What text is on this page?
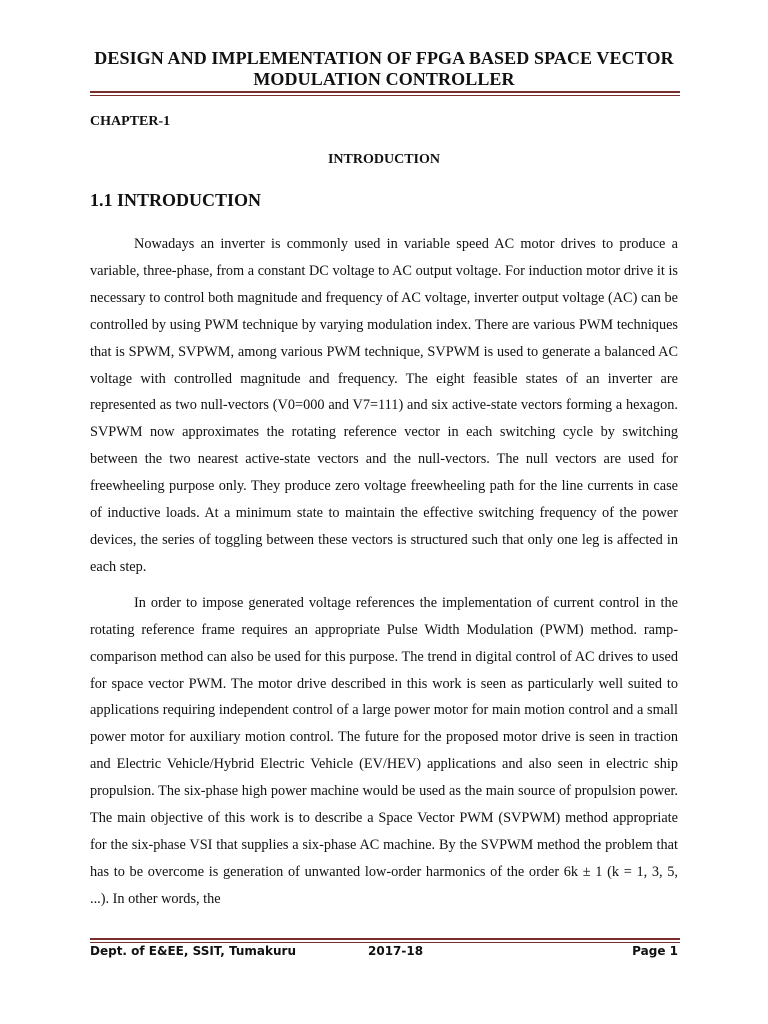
DESIGN AND IMPLEMENTATION OF FPGA BASED SPACE VECTOR
MODULATION CONTROLLER
CHAPTER-1
INTRODUCTION
1.1 INTRODUCTION

Nowadays an inverter is commonly used in variable speed AC motor drives to produce a variable, three-phase, from a constant DC voltage to AC output voltage. For induction motor drive it is necessary to control both magnitude and frequency of AC voltage, inverter output voltage (AC) can be controlled by using PWM technique by varying modulation index. There are various PWM techniques that is SPWM, SVPWM, among various PWM technique, SVPWM is used to generate a balanced AC voltage with controlled magnitude and frequency. The eight feasible states of an inverter are represented as two null-vectors (V0=000 and V7=111) and six active-state vectors forming a hexagon. SVPWM now approximates the rotating reference vector in each switching cycle by switching between the two nearest active-state vectors and the null-vectors. The null vectors are used for freewheeling purpose only. They produce zero voltage freewheeling path for the line currents in case of inductive loads. At a minimum state to maintain the effective switching frequency of the power devices, the series of toggling between these vectors is structured such that only one leg is affected in each step.

In order to impose generated voltage references the implementation of current control in the rotating reference frame requires an appropriate Pulse Width Modulation (PWM) method. ramp-comparison method can also be used for this purpose. The trend in digital control of AC drives to used for space vector PWM. The motor drive described in this work is seen as particularly well suited to applications requiring independent control of a large power motor for main motion control and a small power motor for auxiliary motion control. The future for the proposed motor drive is seen in traction and Electric Vehicle/Hybrid Electric Vehicle (EV/HEV) applications and also seen in electric ship propulsion. The six-phase high power machine would be used as the main source of propulsion power. The main objective of this work is to describe a Space Vector PWM (SVPWM) method appropriate for the six-phase VSI that supplies a six-phase AC machine. By the SVPWM method the problem that has to be overcome is generation of unwanted low-order harmonics of the order 6k ± 1 (k = 1, 3, 5, ...). In other words, the

Dept. of E&EE, SSIT, Tumakuru	2017-18	Page 1
